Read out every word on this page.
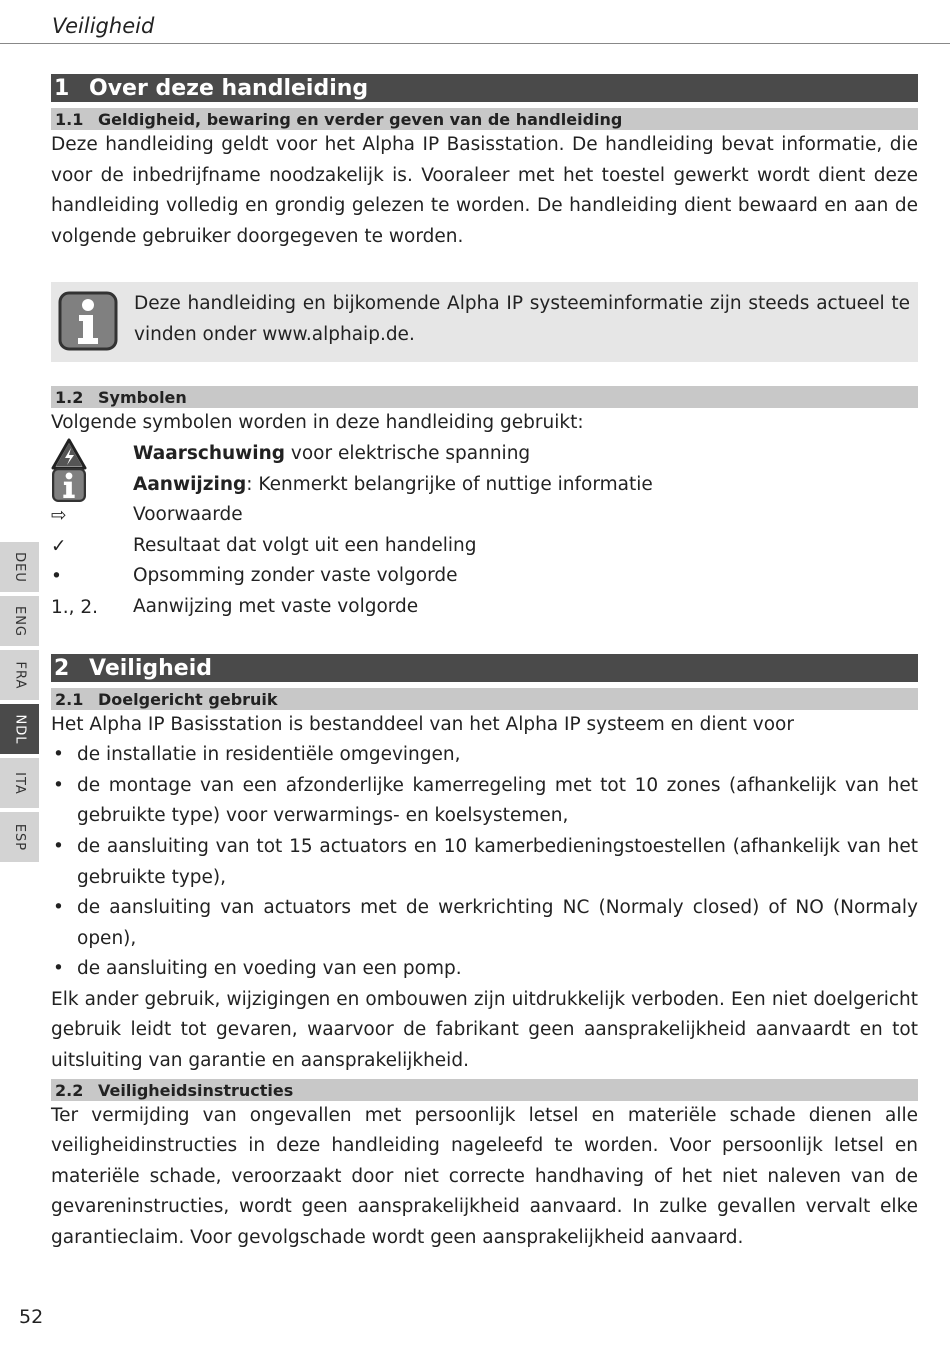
Veiligheid
1 Over deze handleiding
1.1 Geldigheid, bewaring en verder geven van de handleiding

Deze handleiding geldt voor het Alpha IP Basisstation. De handleiding bevat informatie, die voor de inbedrijfname noodzakelijk is. Vooraleer met het toestel gewerkt wordt dient deze handleiding volledig en grondig gelezen te worden. De handleiding dient bewaard en aan de volgende gebruiker doorgegeven te worden.

Deze handleiding en bijkomende Alpha IP systeeminformatie zijn steeds actueel te vinden onder www.alphaip.de.

1.2 Symbolen

Volgende symbolen worden in deze handleiding gebruikt:

Waarschuwing voor elektrische spanning
Aanwijzing: Kenmerkt belangrijke of nuttige informatie
⇨	Voorwaarde
✓	Resultaat dat volgt uit een handeling
•	Opsomming zonder vaste volgorde
1., 2. Aanwijzing met vaste volgorde
2 Veiligheid
2.1 Doelgericht gebruik

Het Alpha IP Basisstation is bestanddeel van het Alpha IP systeem en dient voor

• de installatie in residentiële omgevingen,
• de montage van een afzonderlijke kamerregeling met tot 10 zones (afhankelijk van het gebruikte type) voor verwarmings- en koelsystemen,
• de aansluiting van tot 15 actuators en 10 kamerbedieningstoestellen (afhankelijk van het gebruikte type),
• de aansluiting van actuators met de werkrichting NC (Normaly closed) of NO (Normaly open),
• de aansluiting en voeding van een pomp.

Elk ander gebruik, wijzigingen en ombouwen zijn uitdrukkelijk verboden. Een niet doelgericht gebruik leidt tot gevaren, waarvoor de fabrikant geen aansprakelijkheid aanvaardt en tot uitsluiting van garantie en aansprakelijkheid.

2.2 Veiligheidsinstructies

Ter vermijding van ongevallen met persoonlijk letsel en materiële schade dienen alle veiligheidinstructies in deze handleiding nageleefd te worden. Voor persoonlijk letsel en materiële schade, veroorzaakt door niet correcte handhaving of het niet naleven van de gevareninstructies, wordt geen aansprakelijkheid aanvaard. In zulke gevallen vervalt elke garantieclaim. Voor gevolgschade wordt geen aansprakelijkheid aanvaard.

DEU
ENG
FRA
NDL
ITA
ESP
52
